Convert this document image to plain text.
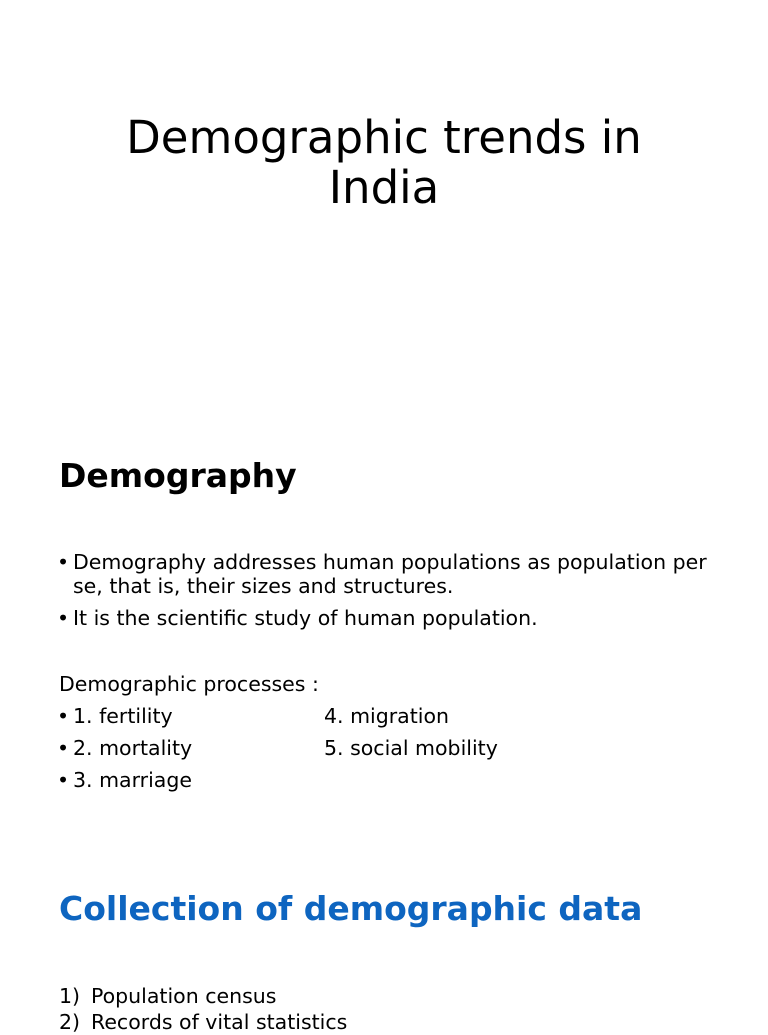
Demographic trends in
India
Demography
• Demography addresses human populations as population per se, that is, their sizes and structures.
• It is the scientific study of human population.

Demographic processes :

• 1. fertility	4. migration
• 2. mortality	5. social mobility
• 3. marriage
Collection of demographic data
1) Population census
2) Records of vital statistics
